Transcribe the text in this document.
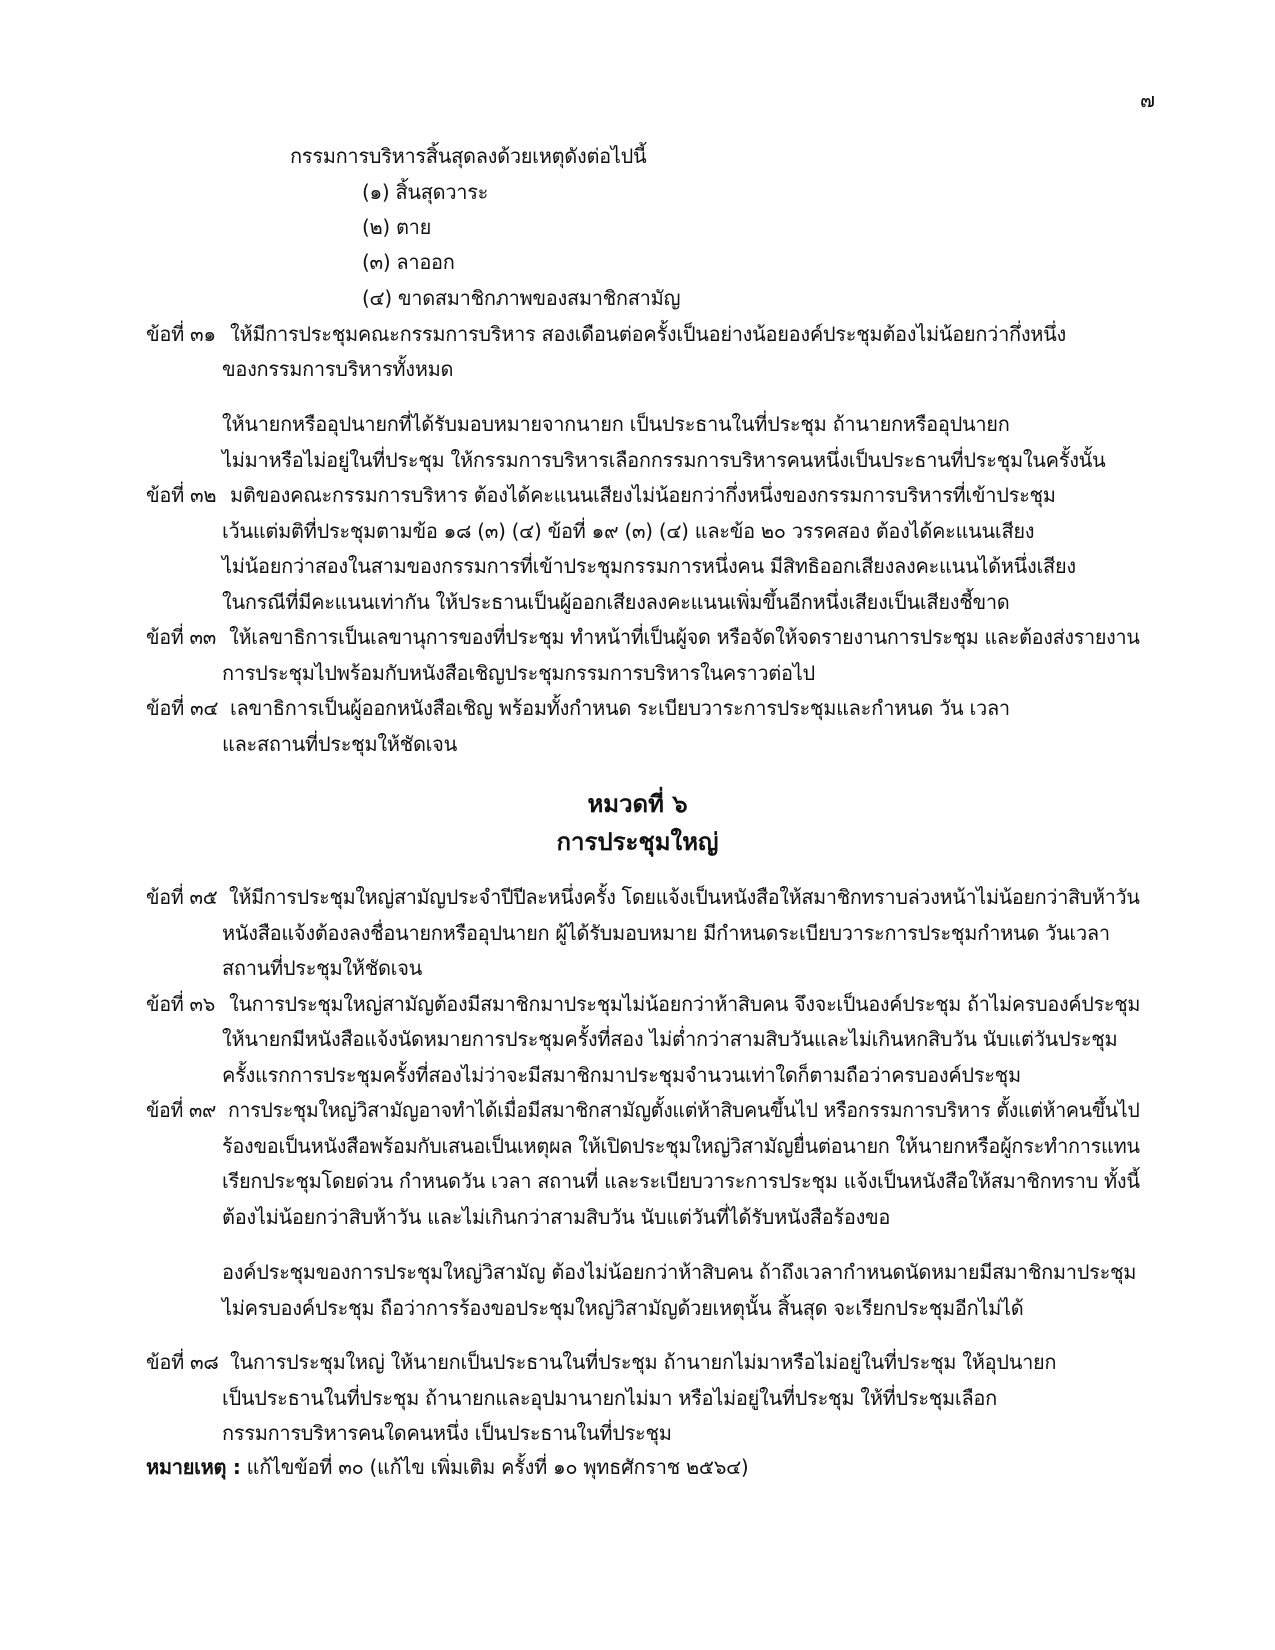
๗
กรรมการบริหารสิ้นสุดลงด้วยเหตุดังต่อไปนี้
(๑) สิ้นสุดวาระ
(๒) ตาย
(๓) ลาออก
(๔) ขาดสมาชิกภาพของสมาชิกสามัญ
ข้อที่ ๓๑ ให้มีการประชุมคณะกรรมการบริหาร สองเดือนต่อครั้งเป็นอย่างน้อยองค์ประชุมต้องไม่น้อยกว่ากึ่งหนึ่ง
ของกรรมการบริหารทั้งหมด
ให้นายกหรืออุปนายกที่ได้รับมอบหมายจากนายก เป็นประธานในที่ประชุม ถ้านายกหรืออุปนายก
ไม่มาหรือไม่อยู่ในที่ประชุม ให้กรรมการบริหารเลือกกรรมการบริหารคนหนึ่งเป็นประธานที่ประชุมในครั้งนั้น
ข้อที่ ๓๒ มติของคณะกรรมการบริหาร ต้องได้คะแนนเสียงไม่น้อยกว่ากึ่งหนึ่งของกรรมการบริหารที่เข้าประชุม
เว้นแต่มติที่ประชุมตามข้อ ๑๘ (๓) (๔) ข้อที่ ๑๙ (๓) (๔) และข้อ ๒๐ วรรคสอง ต้องได้คะแนนเสียง
ไม่น้อยกว่าสองในสามของกรรมการที่เข้าประชุมกรรมการหนึ่งคน มีสิทธิออกเสียงลงคะแนนได้หนึ่งเสียง
ในกรณีที่มีคะแนนเท่ากัน ให้ประธานเป็นผู้ออกเสียงลงคะแนนเพิ่มขึ้นอีกหนึ่งเสียงเป็นเสียงชี้ขาด
ข้อที่ ๓๓ ให้เลขาธิการเป็นเลขานุการของที่ประชุม ทำหน้าที่เป็นผู้จด หรือจัดให้จดรายงานการประชุม และต้องส่งรายงาน
การประชุมไปพร้อมกับหนังสือเชิญประชุมกรรมการบริหารในคราวต่อไป
ข้อที่ ๓๔ เลขาธิการเป็นผู้ออกหนังสือเชิญ พร้อมทั้งกำหนด ระเบียบวาระการประชุมและกำหนด วัน เวลา
และสถานที่ประชุมให้ชัดเจน
หมวดที่ ๖
การประชุมใหญ่
ข้อที่ ๓๕ ให้มีการประชุมใหญ่สามัญประจำปีปีละหนึ่งครั้ง โดยแจ้งเป็นหนังสือให้สมาชิกทราบล่วงหน้าไม่น้อยกว่าสิบห้าวัน
หนังสือแจ้งต้องลงชื่อนายกหรืออุปนายก ผู้ได้รับมอบหมาย มีกำหนดระเบียบวาระการประชุมกำหนด วันเวลา
สถานที่ประชุมให้ชัดเจน
ข้อที่ ๓๖ ในการประชุมใหญ่สามัญต้องมีสมาชิกมาประชุมไม่น้อยกว่าห้าสิบคน จึงจะเป็นองค์ประชุม ถ้าไม่ครบองค์ประชุม
ให้นายกมีหนังสือแจ้งนัดหมายการประชุมครั้งที่สอง ไม่ต่ำกว่าสามสิบวันและไม่เกินหกสิบวัน นับแต่วันประชุม
ครั้งแรกการประชุมครั้งที่สองไม่ว่าจะมีสมาชิกมาประชุมจำนวนเท่าใดก็ตามถือว่าครบองค์ประชุม
ข้อที่ ๓๙ การประชุมใหญ่วิสามัญอาจทำได้เมื่อมีสมาชิกสามัญตั้งแต่ห้าสิบคนขึ้นไป หรือกรรมการบริหาร ตั้งแต่ห้าคนขึ้นไป
ร้องขอเป็นหนังสือพร้อมกับเสนอเป็นเหตุผล ให้เปิดประชุมใหญ่วิสามัญยื่นต่อนายก ให้นายกหรือผู้กระทำการแทน
เรียกประชุมโดยด่วน กำหนดวัน เวลา สถานที่ และระเบียบวาระการประชุม แจ้งเป็นหนังสือให้สมาชิกทราบ ทั้งนี้
ต้องไม่น้อยกว่าสิบห้าวัน และไม่เกินกว่าสามสิบวัน นับแต่วันที่ได้รับหนังสือร้องขอ
องค์ประชุมของการประชุมใหญ่วิสามัญ ต้องไม่น้อยกว่าห้าสิบคน ถ้าถึงเวลากำหนดนัดหมายมีสมาชิกมาประชุม
ไม่ครบองค์ประชุม ถือว่าการร้องขอประชุมใหญ่วิสามัญด้วยเหตุนั้น สิ้นสุด จะเรียกประชุมอีกไม่ได้
ข้อที่ ๓๘ ในการประชุมใหญ่ ให้นายกเป็นประธานในที่ประชุม ถ้านายกไม่มาหรือไม่อยู่ในที่ประชุม ให้อุปนายก
เป็นประธานในที่ประชุม ถ้านายกและอุปมานายกไม่มา หรือไม่อยู่ในที่ประชุม ให้ที่ประชุมเลือก
กรรมการบริหารคนใดคนหนึ่ง เป็นประธานในที่ประชุม
หมายเหตุ : แก้ไขข้อที่ ๓๐ (แก้ไข เพิ่มเติม ครั้งที่ ๑๐ พุทธศักราช ๒๕๖๔)
